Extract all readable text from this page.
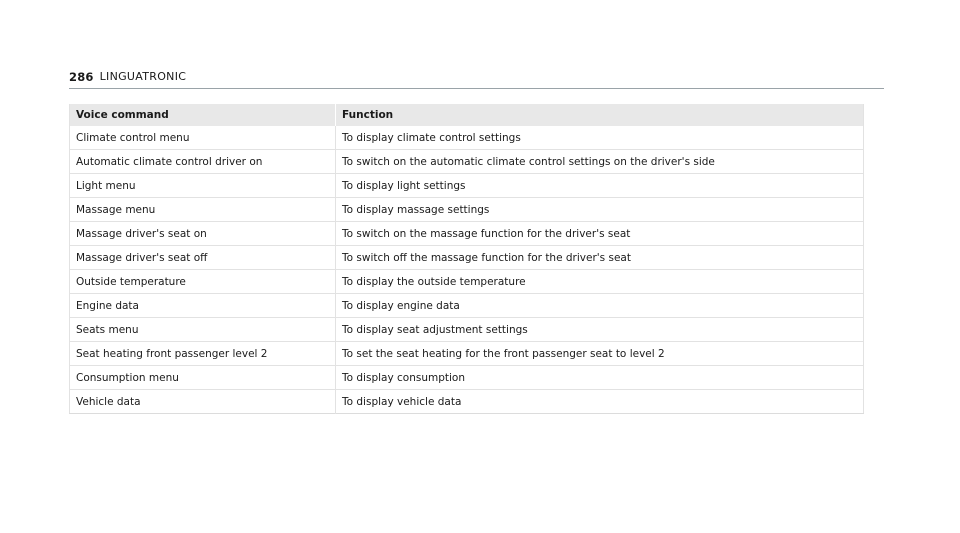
286 LINGUATRONIC
Voice command	Function
Climate control menu	To display climate control settings
Automatic climate control driver on	To switch on the automatic climate control settings on the driver's side
Light menu	To display light settings
Massage menu	To display massage settings
Massage driver's seat on	To switch on the massage function for the driver's seat
Massage driver's seat off	To switch off the massage function for the driver's seat
Outside temperature	To display the outside temperature
Engine data	To display engine data
Seats menu	To display seat adjustment settings
Seat heating front passenger level 2	To set the seat heating for the front passenger seat to level 2
Consumption menu	To display consumption
Vehicle data	To display vehicle data
